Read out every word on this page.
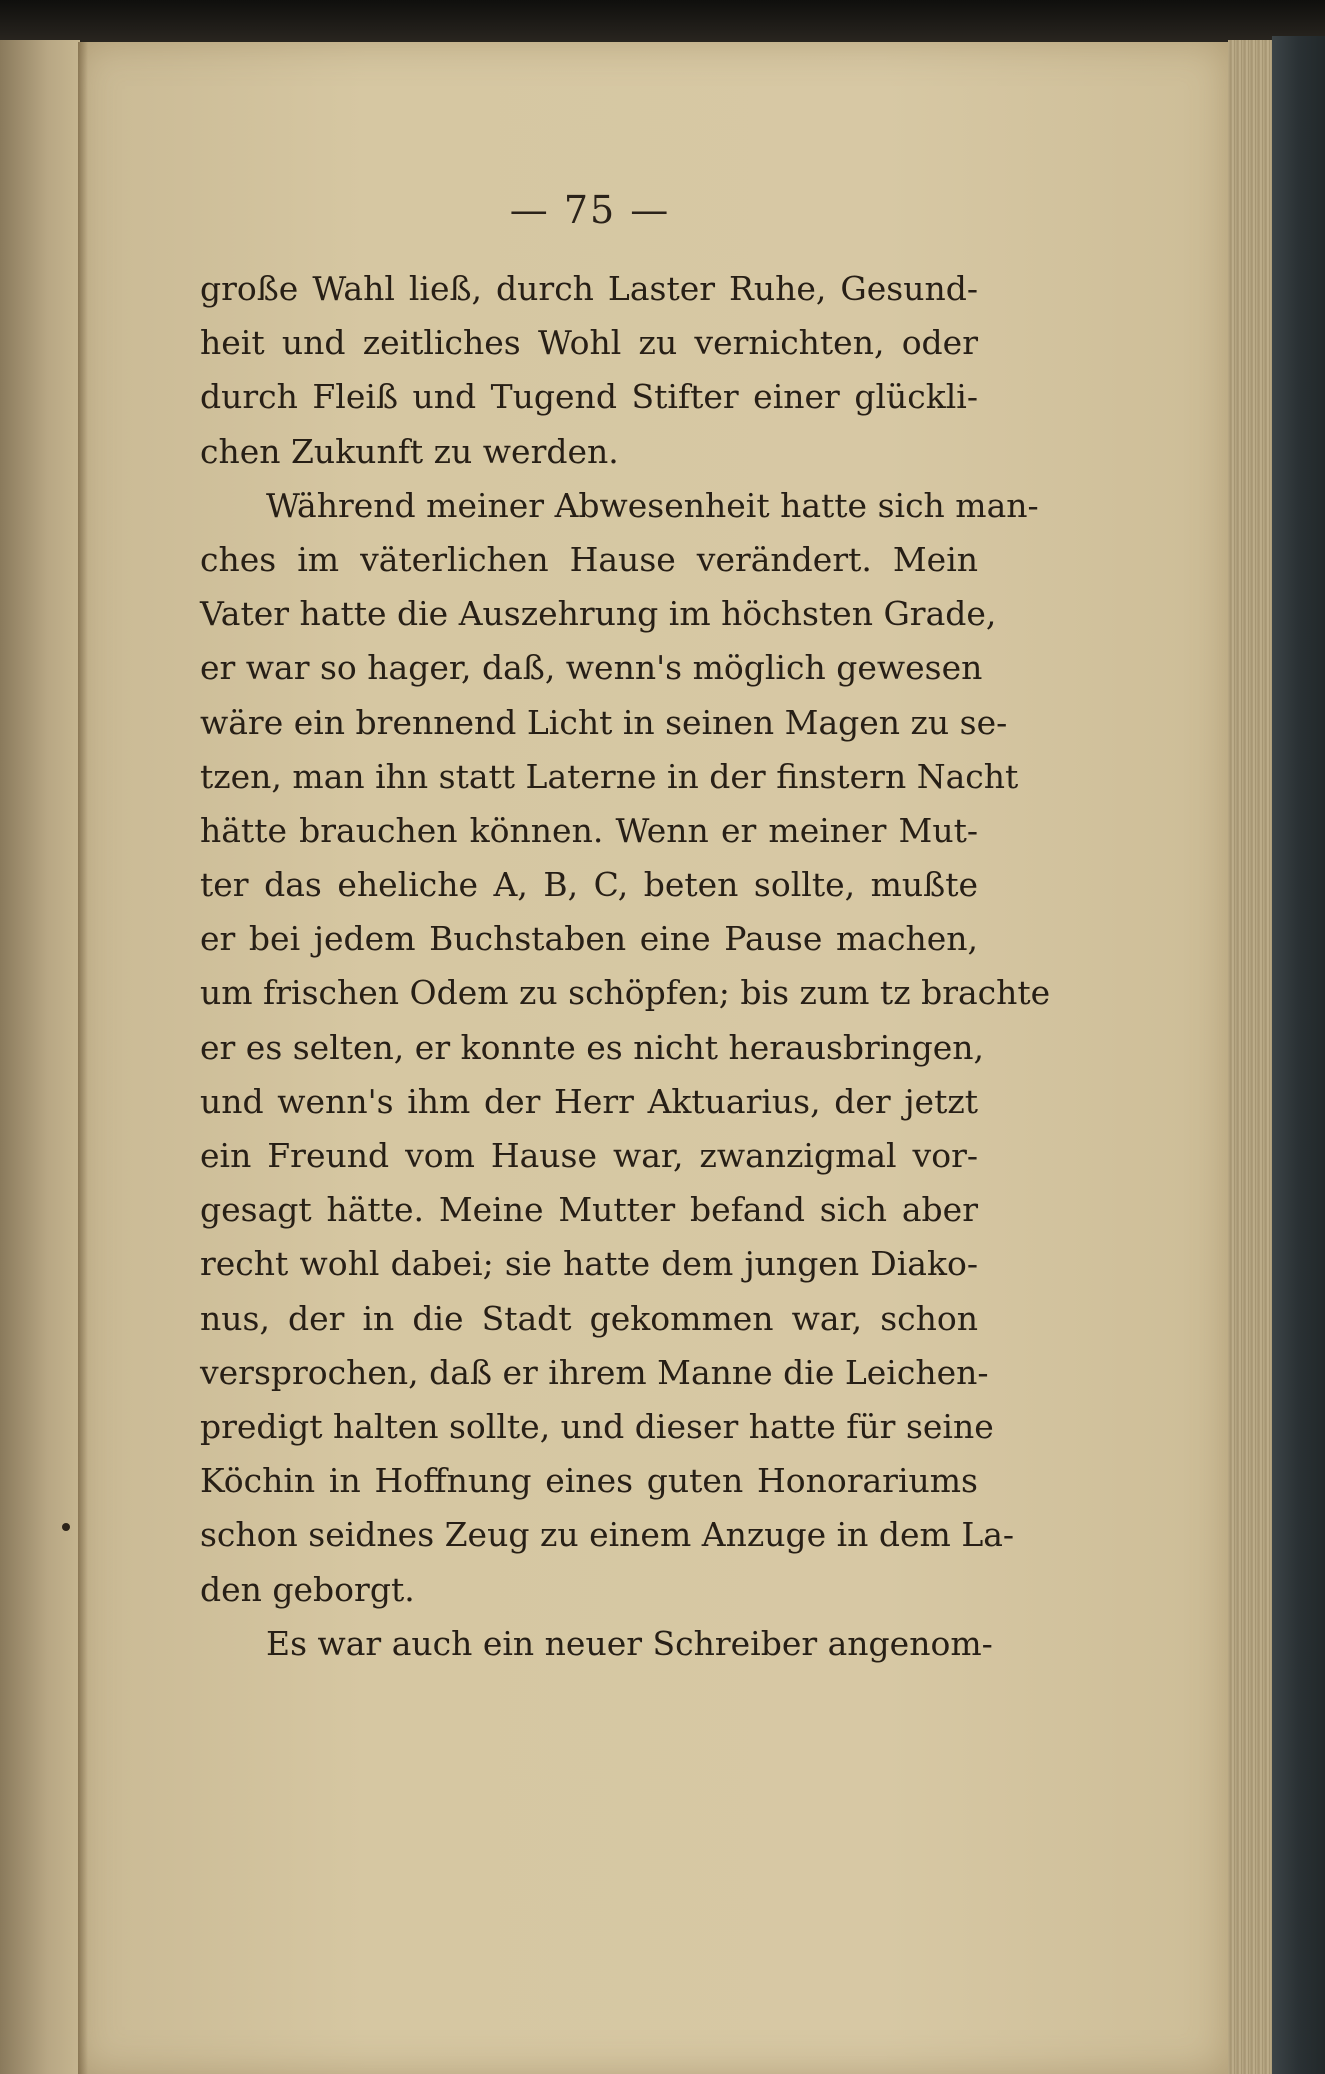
— 75 —
große Wahl ließ, durch Laster Ruhe, Gesund-
heit und zeitliches Wohl zu vernichten, oder
durch Fleiß und Tugend Stifter einer glückli-
chen Zukunft zu werden.
Während meiner Abwesenheit hatte sich man-
ches im väterlichen Hause verändert. Mein
Vater hatte die Auszehrung im höchsten Grade,
er war so hager, daß, wenn's möglich gewesen
wäre ein brennend Licht in seinen Magen zu se-
tzen, man ihn statt Laterne in der finstern Nacht
hätte brauchen können. Wenn er meiner Mut-
ter das eheliche A, B, C, beten sollte, mußte
er bei jedem Buchstaben eine Pause machen,
um frischen Odem zu schöpfen; bis zum tz brachte
er es selten, er konnte es nicht herausbringen,
und wenn's ihm der Herr Aktuarius, der jetzt
ein Freund vom Hause war, zwanzigmal vor-
gesagt hätte. Meine Mutter befand sich aber
recht wohl dabei; sie hatte dem jungen Diako-
nus, der in die Stadt gekommen war, schon
versprochen, daß er ihrem Manne die Leichen-
predigt halten sollte, und dieser hatte für seine
Köchin in Hoffnung eines guten Honorariums
schon seidnes Zeug zu einem Anzuge in dem La-
den geborgt.
Es war auch ein neuer Schreiber angenom-
